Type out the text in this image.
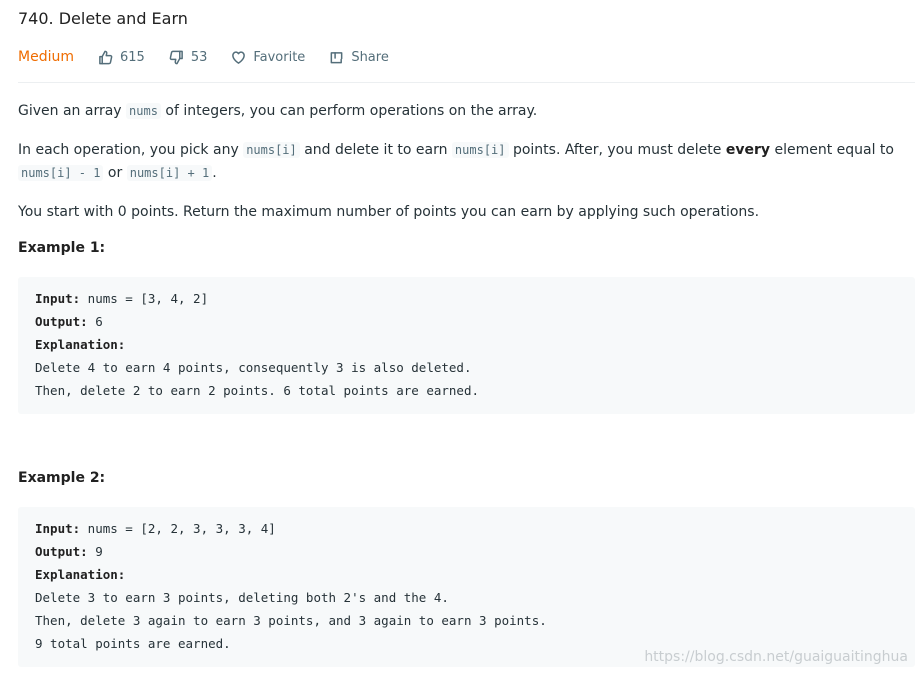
740. Delete and Earn
Medium	615	53	Favorite	Share
Given an array nums of integers, you can perform operations on the array.
In each operation, you pick any nums[i] and delete it to earn nums[i] points. After, you must delete every element equal to
nums[i] - 1 or nums[i] + 1 .
You start with 0 points. Return the maximum number of points you can earn by applying such operations.
Example 1:
Input: nums = [3, 4, 2]
Output: 6
Explanation:
Delete 4 to earn 4 points, consequently 3 is also deleted.
Then, delete 2 to earn 2 points. 6 total points are earned.
Example 2:
Input: nums = [2, 2, 3, 3, 3, 4]
Output: 9
Explanation:
Delete 3 to earn 3 points, deleting both 2's and the 4.
Then, delete 3 again to earn 3 points, and 3 again to earn 3 points.
9 total points are earned.
https://blog.csdn.net/guaiguaitinghua
